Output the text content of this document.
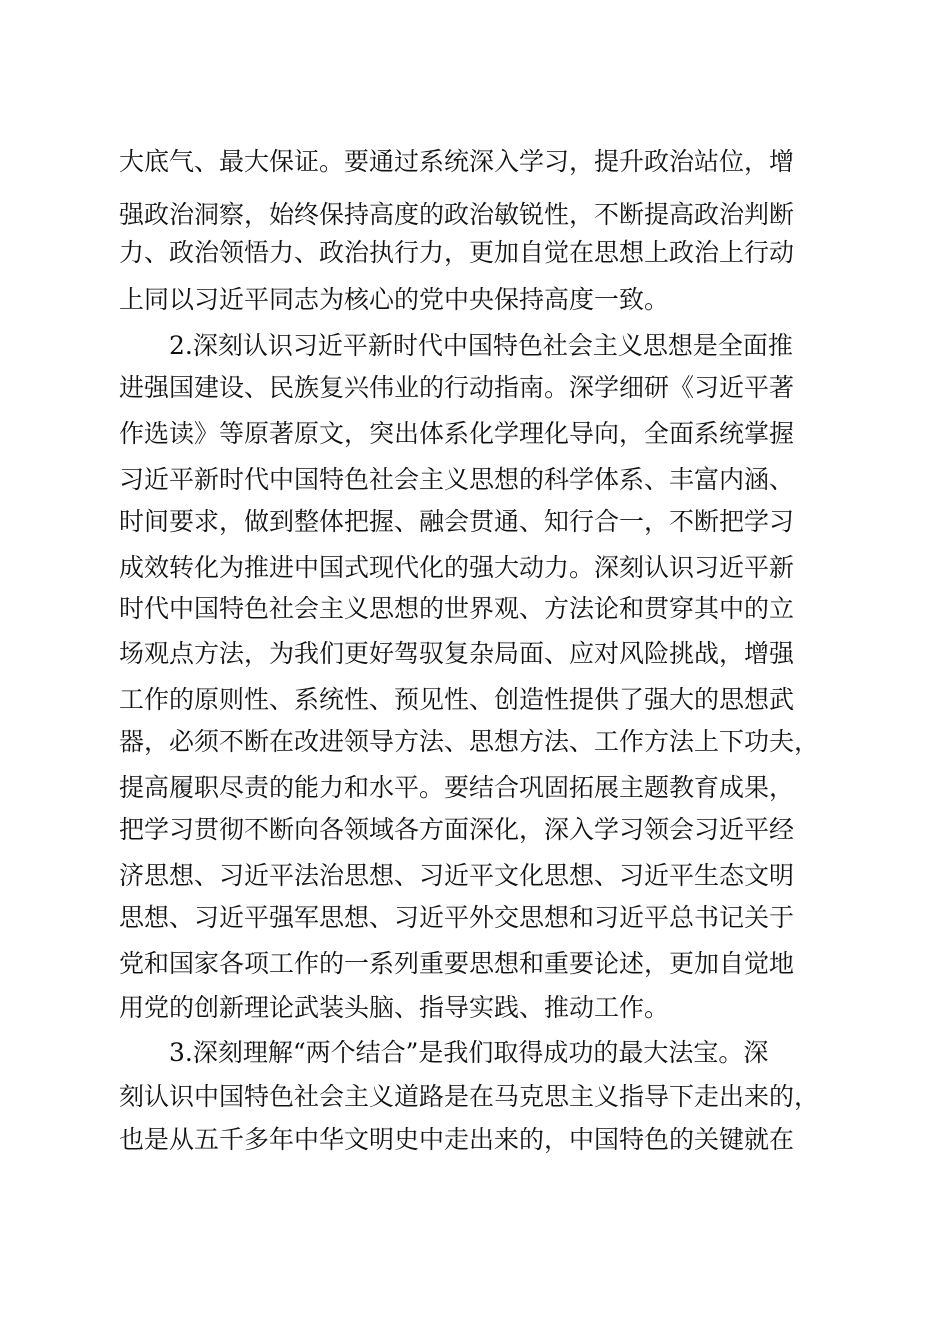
大底气、最大保证。要通过系统深入学习，提升政治站位，增
强政治洞察，始终保持高度的政治敏锐性，不断提高政治判断
力、政治领悟力、政治执行力，更加自觉在思想上政治上行动
上同以习近平同志为核心的党中央保持高度一致。
2.深刻认识习近平新时代中国特色社会主义思想是全面推
进强国建设、民族复兴伟业的行动指南。深学细研《习近平著
作选读》等原著原文，突出体系化学理化导向，全面系统掌握
习近平新时代中国特色社会主义思想的科学体系、丰富内涵、
时间要求，做到整体把握、融会贯通、知行合一，不断把学习
成效转化为推进中国式现代化的强大动力。深刻认识习近平新
时代中国特色社会主义思想的世界观、方法论和贯穿其中的立
场观点方法，为我们更好驾驭复杂局面、应对风险挑战，增强
工作的原则性、系统性、预见性、创造性提供了强大的思想武
器，必须不断在改进领导方法、思想方法、工作方法上下功夫，
提高履职尽责的能力和水平。要结合巩固拓展主题教育成果，
把学习贯彻不断向各领域各方面深化，深入学习领会习近平经
济思想、习近平法治思想、习近平文化思想、习近平生态文明
思想、习近平强军思想、习近平外交思想和习近平总书记关于
党和国家各项工作的一系列重要思想和重要论述，更加自觉地
用党的创新理论武装头脑、指导实践、推动工作。
3.深刻理解“两个结合”是我们取得成功的最大法宝。深
刻认识中国特色社会主义道路是在马克思主义指导下走出来的，
也是从五千多年中华文明史中走出来的，中国特色的关键就在
